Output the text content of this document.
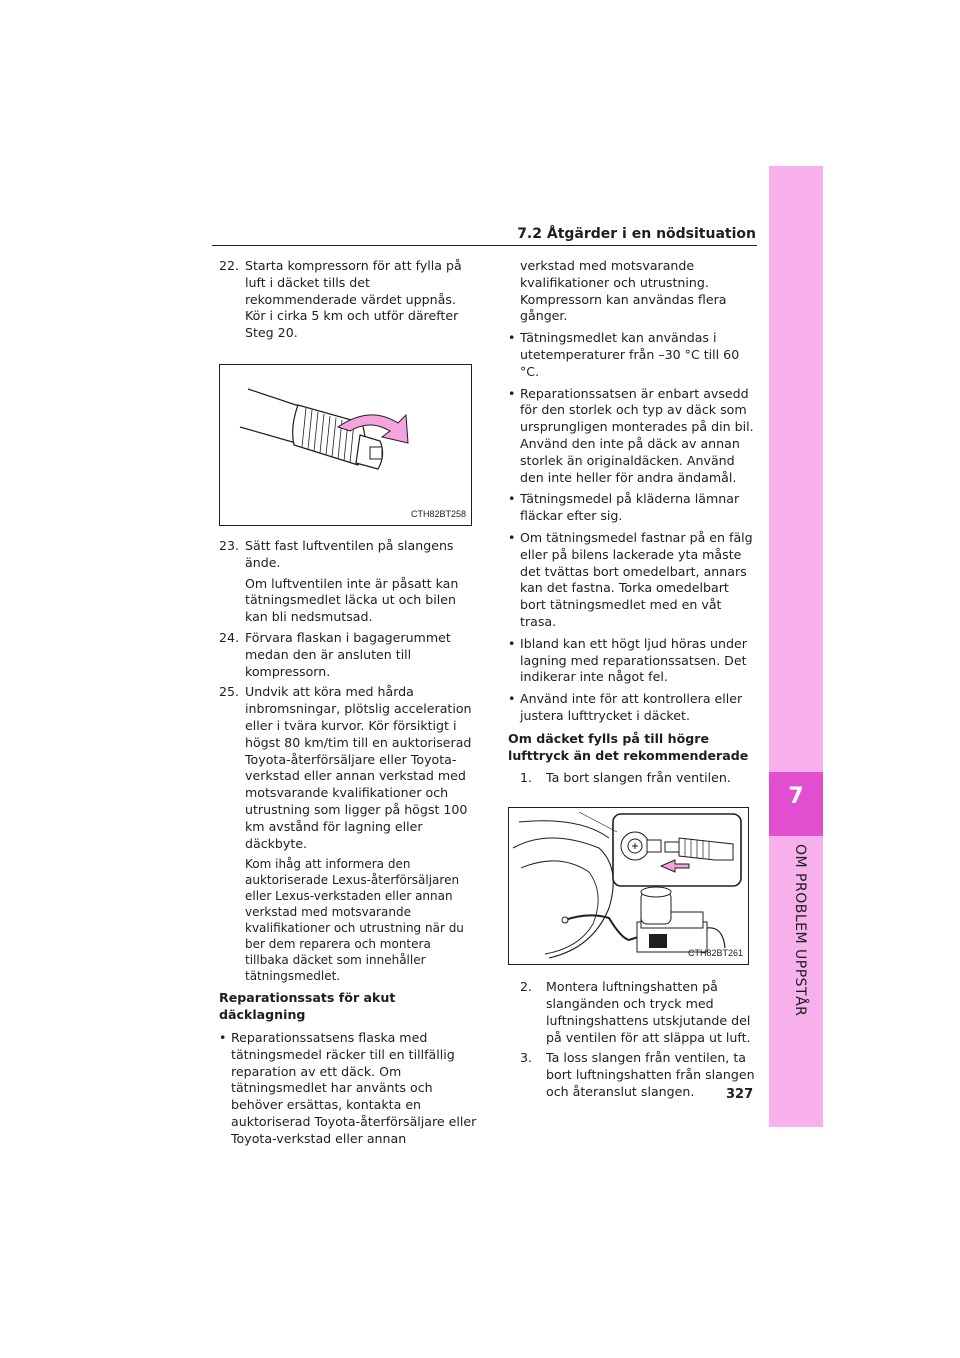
7.2 Åtgärder i en nödsituation
7
OM PROBLEM UPPSTÅR
22. Starta kompressorn för att fylla på luft i däcket tills det rekommenderade värdet uppnås. Kör i cirka 5 km och utför därefter Steg 20.
CTH82BT258
23. Sätt fast luftventilen på slangens ände.
Om luftventilen inte är påsatt kan tätningsmedlet läcka ut och bilen kan bli nedsmutsad.
24. Förvara flaskan i bagagerummet medan den är ansluten till kompressorn.
25. Undvik att köra med hårda inbromsningar, plötslig acceleration eller i tvära kurvor. Kör försiktigt i högst 80 km/tim till en auktoriserad Toyota-återförsäljare eller Toyota-verkstad eller annan verkstad med motsvarande kvalifikationer och utrustning som ligger på högst 100 km avstånd för lagning eller däckbyte.
Kom ihåg att informera den auktoriserade Lexus-återförsäljaren eller Lexus-verkstaden eller annan verkstad med motsvarande kvalifikationer och utrustning när du ber dem reparera och montera tillbaka däcket som innehåller tätningsmedlet.
Reparationssats för akut däcklagning
• Reparationssatsens flaska med tätningsmedel räcker till en tillfällig reparation av ett däck. Om tätningsmedlet har använts och behöver ersättas, kontakta en auktoriserad Toyota-återförsäljare eller Toyota-verkstad eller annan
verkstad med motsvarande kvalifikationer och utrustning. Kompressorn kan användas flera gånger.
• Tätningsmedlet kan användas i utetemperaturer från –30 °C till 60 °C.
• Reparationssatsen är enbart avsedd för den storlek och typ av däck som ursprungligen monterades på din bil. Använd den inte på däck av annan storlek än originaldäcken. Använd den inte heller för andra ändamål.
• Tätningsmedel på kläderna lämnar fläckar efter sig.
• Om tätningsmedel fastnar på en fälg eller på bilens lackerade yta måste det tvättas bort omedelbart, annars kan det fastna. Torka omedelbart bort tätningsmedlet med en våt trasa.
• Ibland kan ett högt ljud höras under lagning med reparationssatsen. Det indikerar inte något fel.
• Använd inte för att kontrollera eller justera lufttrycket i däcket.
Om däcket fylls på till högre lufttryck än det rekommenderade
1. Ta bort slangen från ventilen.
CTH82BT261
2. Montera luftningshatten på slangänden och tryck med luftningshattens utskjutande del på ventilen för att släppa ut luft.
3. Ta loss slangen från ventilen, ta bort luftningshatten från slangen och återanslut slangen.	327
